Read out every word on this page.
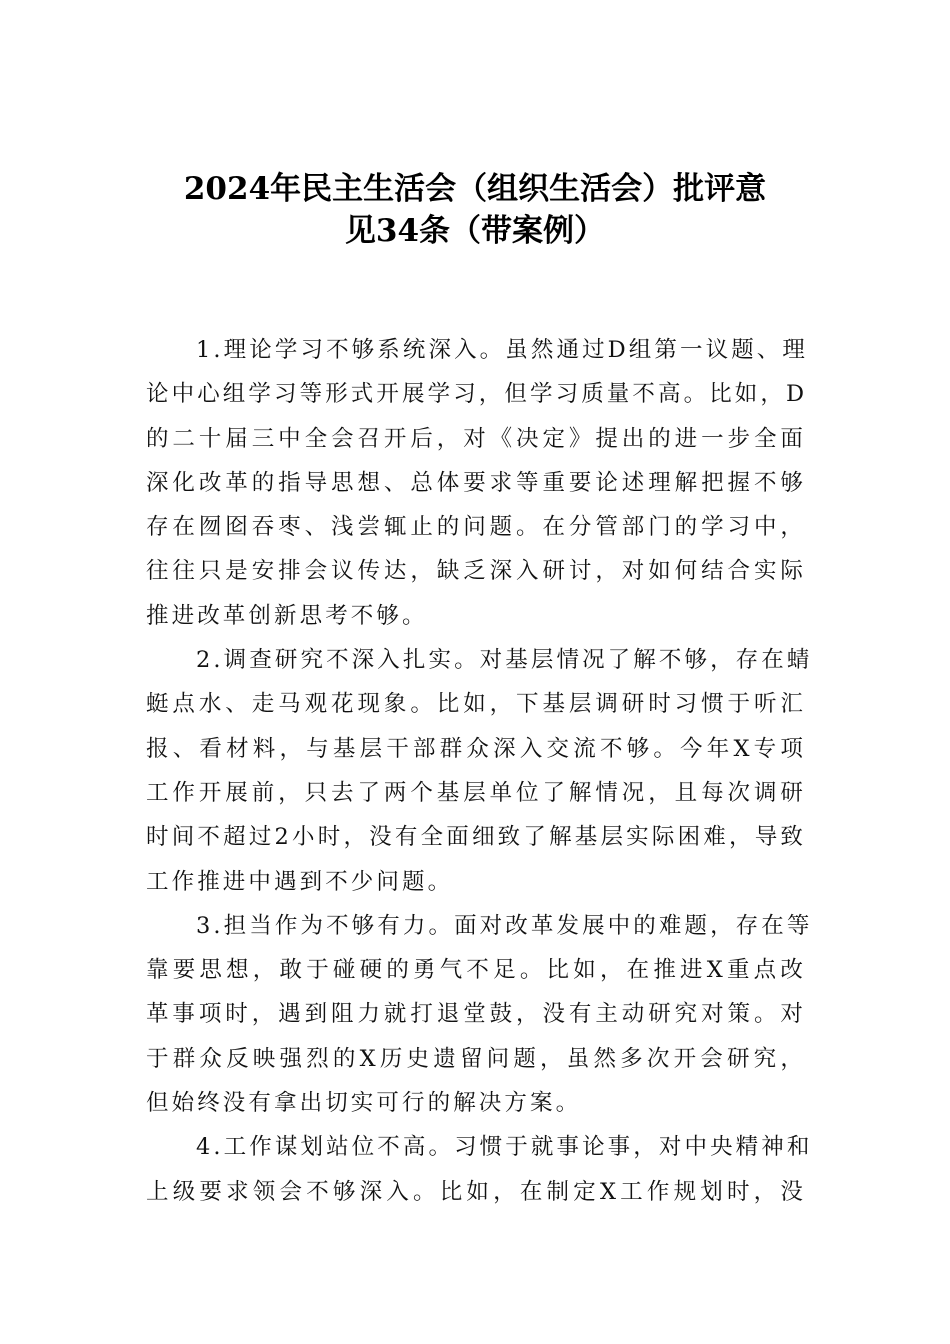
2024年民主生活会（组织生活会）批评意
见34条（带案例）
1.理论学习不够系统深入。虽然通过D组第一议题、理
论中心组学习等形式开展学习，但学习质量不高。比如，D
的二十届三中全会召开后，对《决定》提出的进一步全面
深化改革的指导思想、总体要求等重要论述理解把握不够
存在囫囵吞枣、浅尝辄止的问题。在分管部门的学习中，
往往只是安排会议传达，缺乏深入研讨，对如何结合实际
推进改革创新思考不够。
2.调查研究不深入扎实。对基层情况了解不够，存在蜻
蜓点水、走马观花现象。比如，下基层调研时习惯于听汇
报、看材料，与基层干部群众深入交流不够。今年X专项
工作开展前，只去了两个基层单位了解情况，且每次调研
时间不超过2小时，没有全面细致了解基层实际困难，导致
工作推进中遇到不少问题。
3.担当作为不够有力。面对改革发展中的难题，存在等
靠要思想，敢于碰硬的勇气不足。比如，在推进X重点改
革事项时，遇到阻力就打退堂鼓，没有主动研究对策。对
于群众反映强烈的X历史遗留问题，虽然多次开会研究，
但始终没有拿出切实可行的解决方案。
4.工作谋划站位不高。习惯于就事论事，对中央精神和
上级要求领会不够深入。比如，在制定X工作规划时，没
